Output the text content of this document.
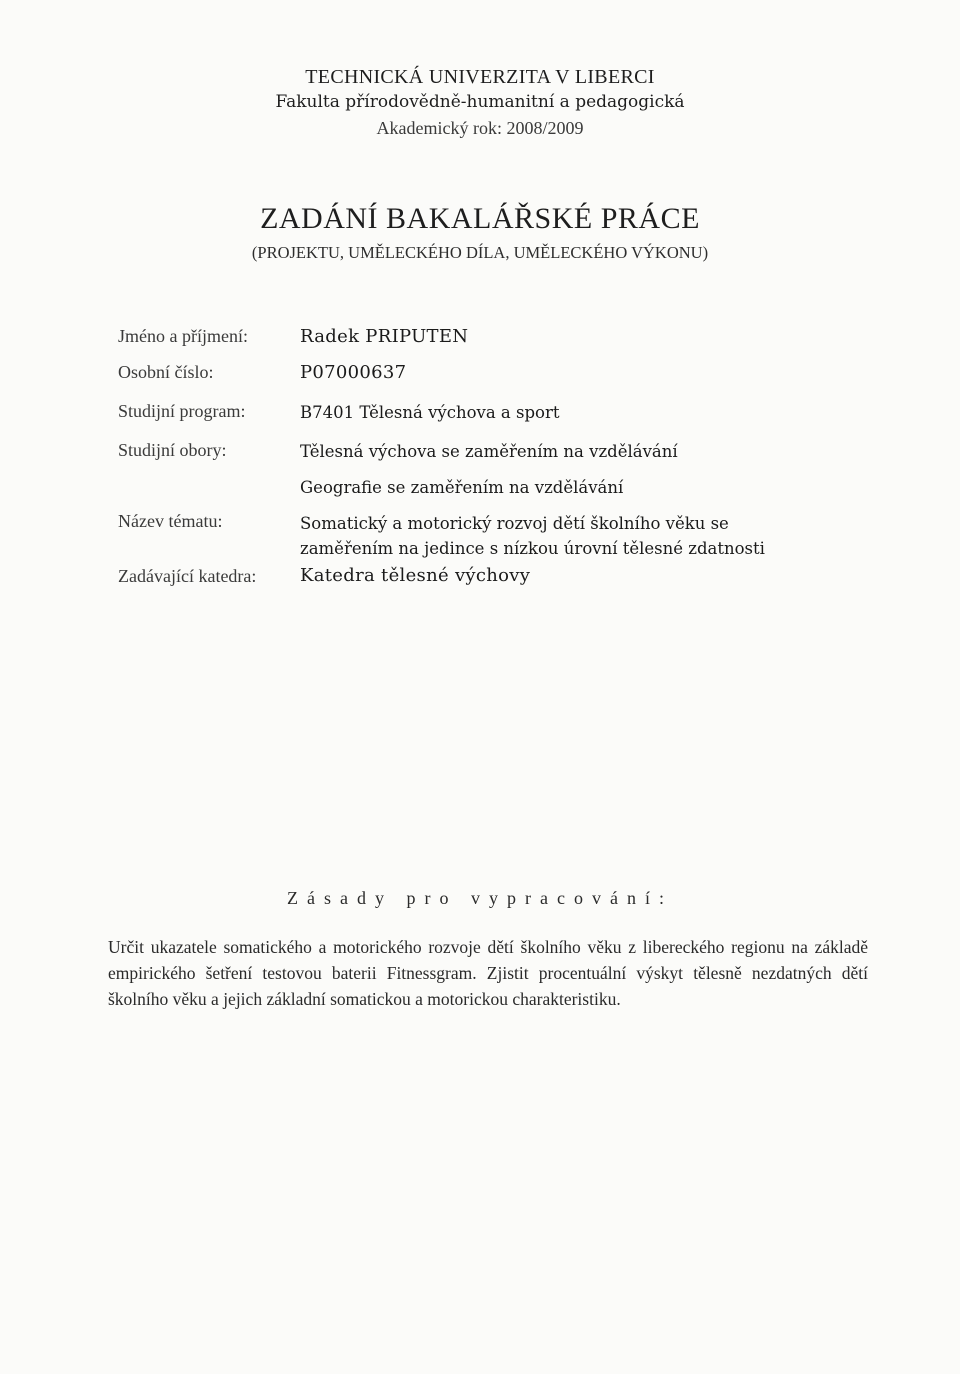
TECHNICKÁ UNIVERZITA V LIBERCI
Fakulta přírodovědně-humanitní a pedagogická
Akademický rok: 2008/2009
ZADÁNÍ BAKALÁŘSKÉ PRÁCE
(PROJEKTU, UMĚLECKÉHO DÍLA, UMĚLECKÉHO VÝKONU)
Jméno a příjmení:	Radek PRIPUTEN
Osobní číslo:	P07000637
Studijní program:	B7401 Tělesná výchova a sport
Studijní obory:	Tělesná výchova se zaměřením na vzdělávání
Geografie se zaměřením na vzdělávání
Název tématu:	Somatický a motorický rozvoj dětí školního věku se
zaměřením na jedince s nízkou úrovní tělesné zdatnosti
Zadávající katedra: Katedra tělesné výchovy
Zásady pro vypracování:
Určit ukazatele somatického a motorického rozvoje dětí školního věku z libereckého regionu na základě empirického šetření testovou baterii Fitnessgram. Zjistit procentuální výskyt tělesně nezdatných dětí školního věku a jejich základní somatickou a motorickou charakteristiku.
